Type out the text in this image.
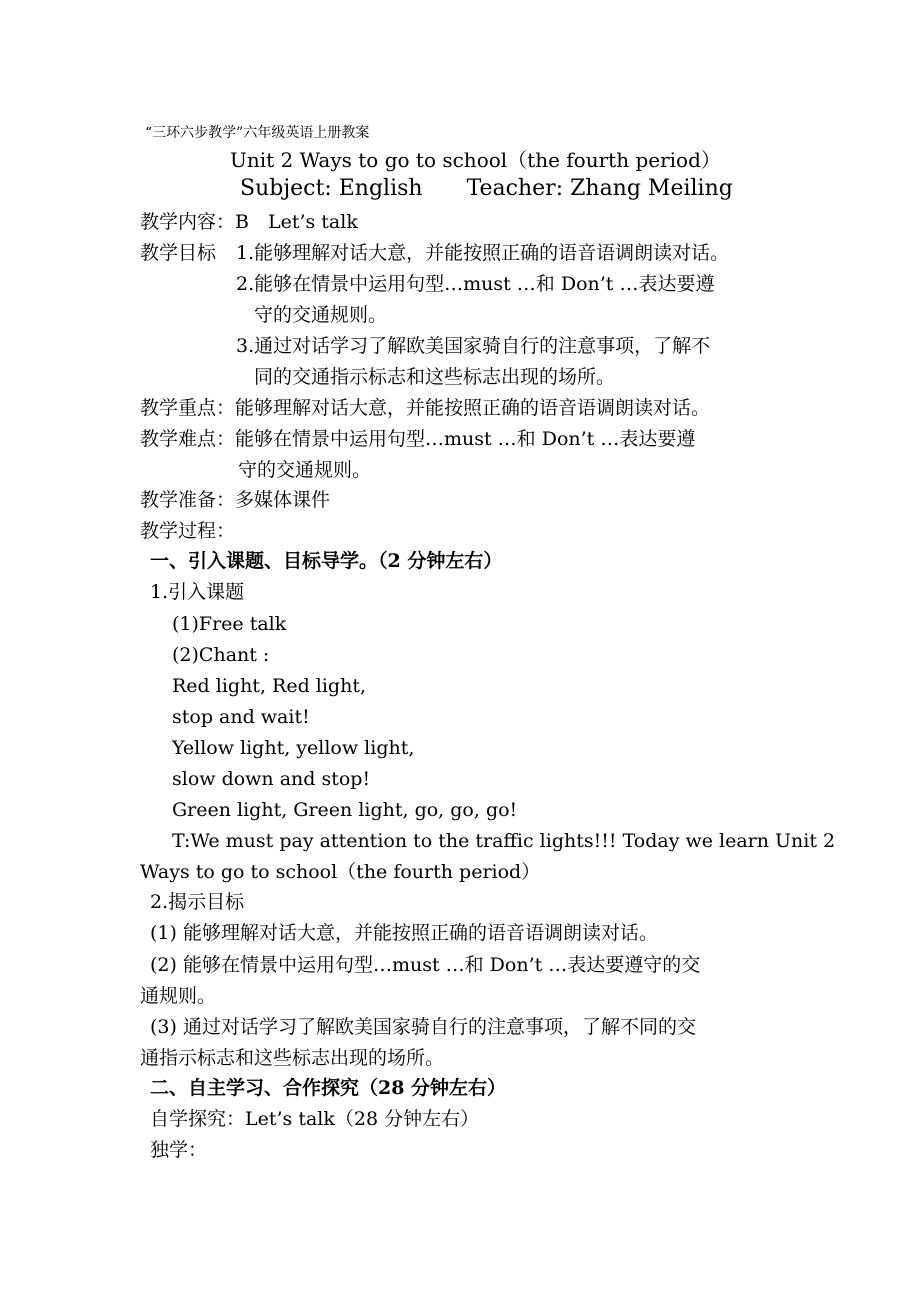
“三环六步教学”六年级英语上册教案
Unit 2 Ways to go to school（the fourth period）
Subject: English　　Teacher: Zhang Meiling
教学内容：B　Let’s talk
教学目标 1.能够理解对话大意，并能按照正确的语音语调朗读对话。
2.能够在情景中运用句型…must …和 Don’t …表达要遵
守的交通规则。
3.通过对话学习了解欧美国家骑自行的注意事项，了解不
同的交通指示标志和这些标志出现的场所。
教学重点：能够理解对话大意，并能按照正确的语音语调朗读对话。
教学难点：能够在情景中运用句型…must …和 Don’t …表达要遵
守的交通规则。
教学准备：多媒体课件
教学过程：
一、引入课题、目标导学。（2 分钟左右）
1.引入课题
(1)Free talk
(2)Chant :
Red light, Red light,
stop and wait!
Yellow light, yellow light,
slow down and stop!
Green light, Green light, go, go, go!
T:We must pay attention to the traffic lights!!! Today we learn Unit 2
Ways to go to school（the fourth period）
2.揭示目标
(1) 能够理解对话大意，并能按照正确的语音语调朗读对话。
(2) 能够在情景中运用句型…must …和 Don’t …表达要遵守的交
通规则。
(3) 通过对话学习了解欧美国家骑自行的注意事项，了解不同的交
通指示标志和这些标志出现的场所。
二、自主学习、合作探究（28 分钟左右）
自学探究：Let’s talk（28 分钟左右）
独学：
